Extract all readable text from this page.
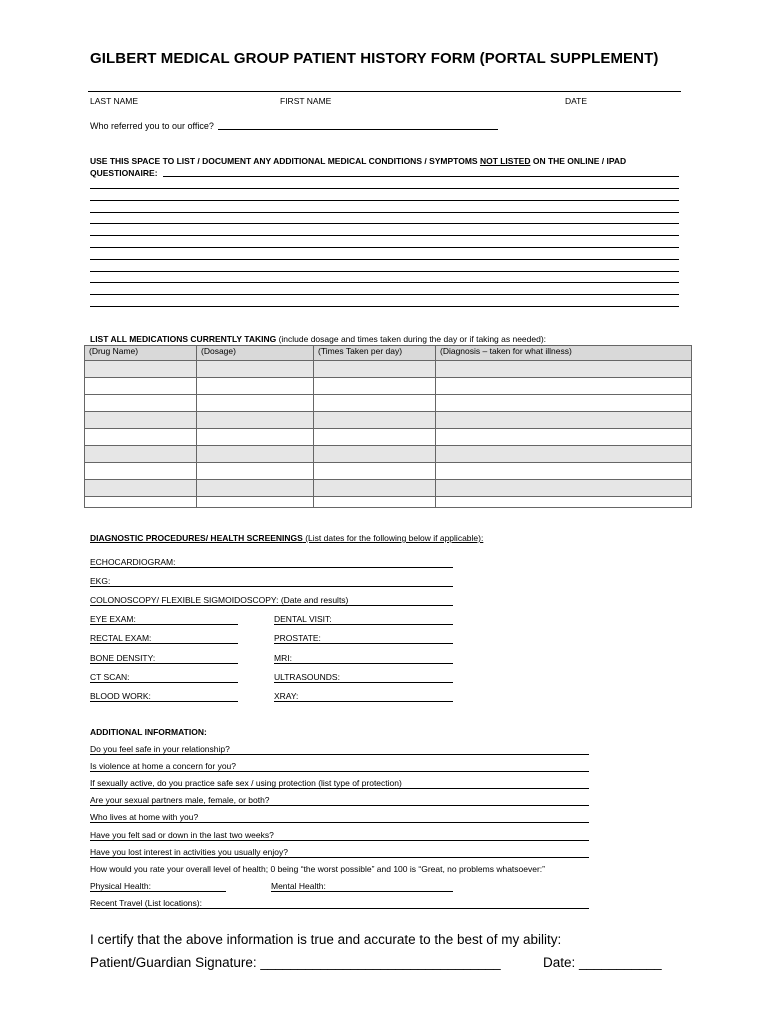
GILBERT MEDICAL GROUP PATIENT HISTORY FORM (PORTAL SUPPLEMENT)
LAST NAME	FIRST NAME	DATE
Who referred you to our office?
USE THIS SPACE TO LIST / DOCUMENT ANY ADDITIONAL MEDICAL CONDITIONS / SYMPTOMS NOT LISTED ON THE ONLINE / IPAD
QUESTIONAIRE:
LIST ALL MEDICATIONS CURRENTLY TAKING (include dosage and times taken during the day or if taking as needed):
(Drug Name)	(Dosage)	(Times Taken per day)	(Diagnosis – taken for what illness)

DIAGNOSTIC PROCEDURES/ HEALTH SCREENINGS (List dates for the following below if applicable):
ECHOCARDIOGRAM:
EKG:
COLONOSCOPY/ FLEXIBLE SIGMOIDOSCOPY: (Date and results)
EYE EXAM:	DENTAL VISIT:
RECTAL EXAM:	PROSTATE:
BONE DENSITY:	MRI:
CT SCAN:	ULTRASOUNDS:
BLOOD WORK:	XRAY:
ADDITIONAL INFORMATION:
Do you feel safe in your relationship?
Is violence at home a concern for you?
If sexually active, do you practice safe sex / using protection (list type of protection)
Are your sexual partners male, female, or both?
Who lives at home with you?
Have you felt sad or down in the last two weeks?
Have you lost interest in activities you usually enjoy?
How would you rate your overall level of health; 0 being “the worst possible” and 100 is “Great, no problems whatsoever:”
Physical Health:	Mental Health:
Recent Travel (List locations):
I certify that the above information is true and accurate to the best of my ability:
Patient/Guardian Signature: ________________________________	Date: ___________
